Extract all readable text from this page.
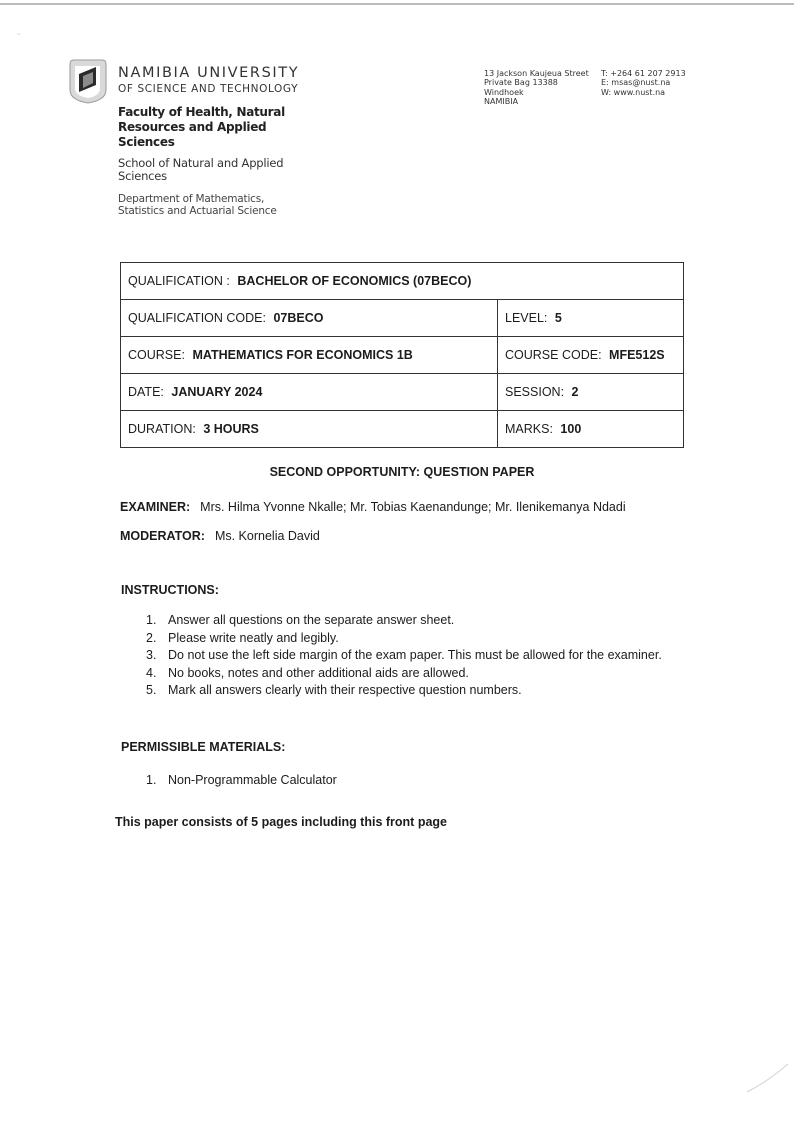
~
NAMIBIA UNIVERSITY
OF SCIENCE AND TECHNOLOGY
Faculty of Health, Natural Resources and Applied Sciences
School of Natural and Applied Sciences
Department of Mathematics, Statistics and Actuarial Science
13 Jackson Kaujeua Street
Private Bag 13388
Windhoek
NAMIBIA
T: +264 61 207 2913
E: msas@nust.na
W: www.nust.na
QUALIFICATION : BACHELOR OF ECONOMICS (07BECO)	
QUALIFICATION CODE: 07BECO	LEVEL: 5
COURSE: MATHEMATICS FOR ECONOMICS 1B	COURSE CODE: MFE512S
DATE: JANUARY 2024	SESSION: 2
DURATION: 3 HOURS	MARKS: 100
SECOND OPPORTUNITY: QUESTION PAPER
EXAMINER: Mrs. Hilma Yvonne Nkalle; Mr. Tobias Kaenandunge; Mr. Ilenikemanya Ndadi
MODERATOR: Ms. Kornelia David
INSTRUCTIONS:
1. Answer all questions on the separate answer sheet.
2. Please write neatly and legibly.
3. Do not use the left side margin of the exam paper. This must be allowed for the examiner.
4. No books, notes and other additional aids are allowed.
5. Mark all answers clearly with their respective question numbers.
PERMISSIBLE MATERIALS:
1. Non-Programmable Calculator
This paper consists of 5 pages including this front page
